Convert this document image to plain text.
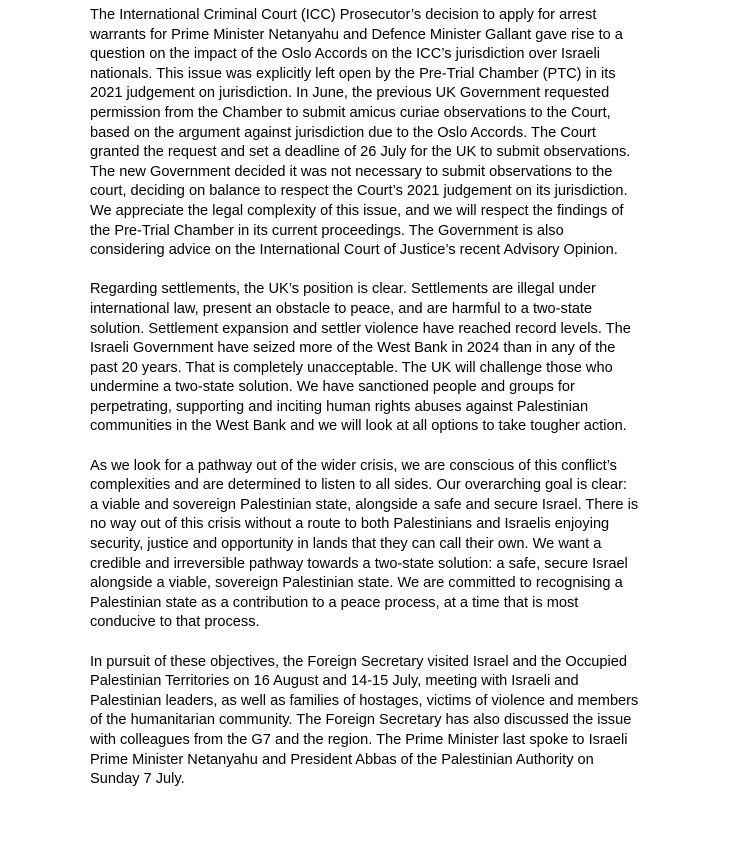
The International Criminal Court (ICC) Prosecutor’s decision to apply for arrest
warrants for Prime Minister Netanyahu and Defence Minister Gallant gave rise to a
question on the impact of the Oslo Accords on the ICC’s jurisdiction over Israeli
nationals. This issue was explicitly left open by the Pre-Trial Chamber (PTC) in its
2021 judgement on jurisdiction. In June, the previous UK Government requested
permission from the Chamber to submit amicus curiae observations to the Court,
based on the argument against jurisdiction due to the Oslo Accords. The Court
granted the request and set a deadline of 26 July for the UK to submit observations.
The new Government decided it was not necessary to submit observations to the
court, deciding on balance to respect the Court’s 2021 judgement on its jurisdiction.
We appreciate the legal complexity of this issue, and we will respect the findings of
the Pre-Trial Chamber in its current proceedings. The Government is also
considering advice on the International Court of Justice’s recent Advisory Opinion.

Regarding settlements, the UK’s position is clear. Settlements are illegal under
international law, present an obstacle to peace, and are harmful to a two-state
solution. Settlement expansion and settler violence have reached record levels. The
Israeli Government have seized more of the West Bank in 2024 than in any of the
past 20 years. That is completely unacceptable. The UK will challenge those who
undermine a two-state solution. We have sanctioned people and groups for
perpetrating, supporting and inciting human rights abuses against Palestinian
communities in the West Bank and we will look at all options to take tougher action.

As we look for a pathway out of the wider crisis, we are conscious of this conflict’s
complexities and are determined to listen to all sides. Our overarching goal is clear:
a viable and sovereign Palestinian state, alongside a safe and secure Israel. There is
no way out of this crisis without a route to both Palestinians and Israelis enjoying
security, justice and opportunity in lands that they can call their own. We want a
credible and irreversible pathway towards a two-state solution: a safe, secure Israel
alongside a viable, sovereign Palestinian state. We are committed to recognising a
Palestinian state as a contribution to a peace process, at a time that is most
conducive to that process.

In pursuit of these objectives, the Foreign Secretary visited Israel and the Occupied
Palestinian Territories on 16 August and 14-15 July, meeting with Israeli and
Palestinian leaders, as well as families of hostages, victims of violence and members
of the humanitarian community. The Foreign Secretary has also discussed the issue
with colleagues from the G7 and the region. The Prime Minister last spoke to Israeli
Prime Minister Netanyahu and President Abbas of the Palestinian Authority on
Sunday 7 July.
